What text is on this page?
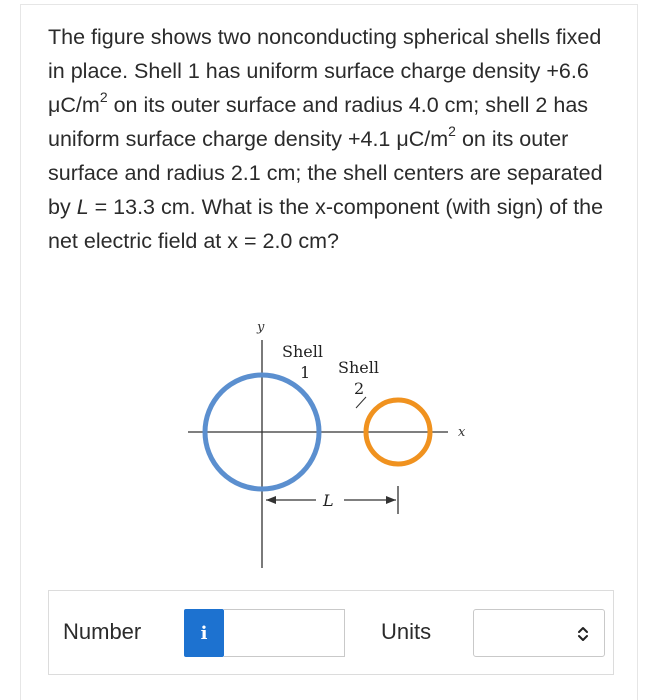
The figure shows two nonconducting spherical shells fixed in place. Shell 1 has uniform surface charge density +6.6 $\mu C/m^2$ on its outer surface and radius 4.0 cm; shell 2 has uniform surface charge density +4.1 $\mu C/m^2$ on its outer surface and radius 2.1 cm; the shell centers are separated by L = 13.3 cm. What is the x-component (with sign) of the net electric field at x = 2.0 cm?
y
x
Shell
1 Shell
2
L
Number	i	Units
